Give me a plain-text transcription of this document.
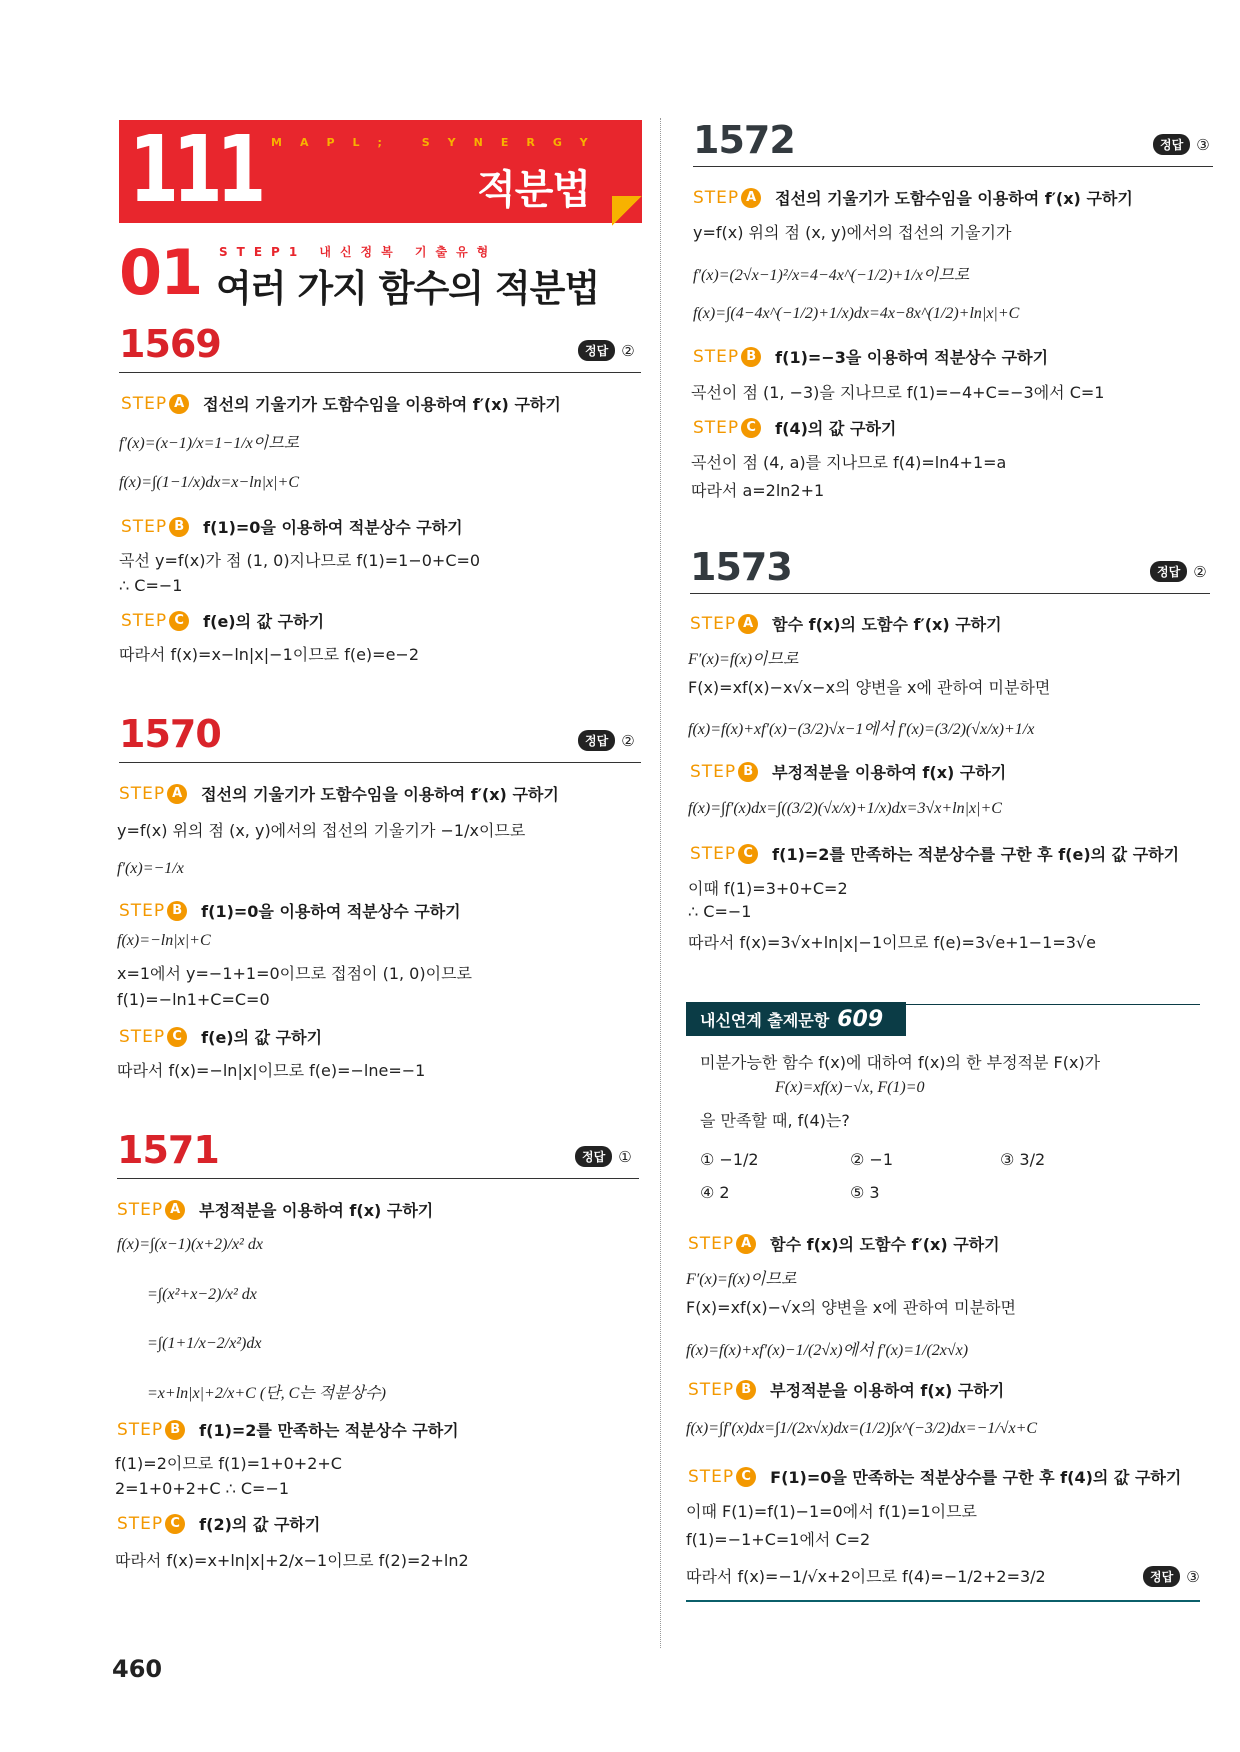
111 MAPL; SYNERGY
적분법
01 STEP1 내신정복 기출유형
여러 가지 함수의 적분법
1569	정답 ②
STEP A	접선의 기울기가 도함수임을 이용하여 f′(x) 구하기
f′(x)=(x−1)/x=1−1/x이므로
f(x)=∫(1−1/x)dx=x−ln|x|+C
STEP B	f(1)=0을 이용하여 적분상수 구하기
곡선 y=f(x)가 점 (1, 0)지나므로 f(1)=1−0+C=0
∴ C=−1
STEP C	f(e)의 값 구하기
따라서 f(x)=x−ln|x|−1이므로 f(e)=e−2
1570	정답 ②
STEP A	접선의 기울기가 도함수임을 이용하여 f′(x) 구하기
y=f(x) 위의 점 (x, y)에서의 접선의 기울기가 −1/x이므로
f′(x)=−1/x
STEP B	f(1)=0을 이용하여 적분상수 구하기
f(x)=−ln|x|+C
x=1에서 y=−1+1=0이므로 접점이 (1, 0)이므로
f(1)=−ln1+C=C=0
STEP C	f(e)의 값 구하기
따라서 f(x)=−ln|x|이므로 f(e)=−lne=−1
1571	정답 ①
STEP A	부정적분을 이용하여 f(x) 구하기
f(x)=∫(x−1)(x+2)/x² dx
=∫(x²+x−2)/x² dx
=∫(1+1/x−2/x²)dx
=x+ln|x|+2/x+C (단, C는 적분상수)
STEP B	f(1)=2를 만족하는 적분상수 구하기
f(1)=2이므로 f(1)=1+0+2+C
2=1+0+2+C ∴ C=−1
STEP C	f(2)의 값 구하기
따라서 f(x)=x+ln|x|+2/x−1이므로 f(2)=2+ln2
1572	정답 ③
STEP A	접선의 기울기가 도함수임을 이용하여 f′(x) 구하기
y=f(x) 위의 점 (x, y)에서의 접선의 기울기가
f′(x)=(2√x−1)²/x=4−4x^(−1/2)+1/x이므로
f(x)=∫(4−4x^(−1/2)+1/x)dx=4x−8x^(1/2)+ln|x|+C
STEP B	f(1)=−3을 이용하여 적분상수 구하기
곡선이 점 (1, −3)을 지나므로 f(1)=−4+C=−3에서 C=1
STEP C	f(4)의 값 구하기
곡선이 점 (4, a)를 지나므로 f(4)=ln4+1=a
따라서 a=2ln2+1
1573	정답 ②
STEP A	함수 f(x)의 도함수 f′(x) 구하기
F′(x)=f(x)이므로
F(x)=xf(x)−x√x−x의 양변을 x에 관하여 미분하면
f(x)=f(x)+xf′(x)−(3/2)√x−1에서 f′(x)=(3/2)(√x/x)+1/x
STEP B	부정적분을 이용하여 f(x) 구하기
f(x)=∫f′(x)dx=∫((3/2)(√x/x)+1/x)dx=3√x+ln|x|+C
STEP C	f(1)=2를 만족하는 적분상수를 구한 후 f(e)의 값 구하기
이때 f(1)=3+0+C=2
∴ C=−1
따라서 f(x)=3√x+ln|x|−1이므로 f(e)=3√e+1−1=3√e
내신연계 출제문항 609
미분가능한 함수 f(x)에 대하여 f(x)의 한 부정적분 F(x)가
F(x)=xf(x)−√x, F(1)=0
을 만족할 때, f(4)는?
① −1/2	② −1	③ 3/2
④ 2	⑤ 3
STEP A	함수 f(x)의 도함수 f′(x) 구하기
F′(x)=f(x)이므로
F(x)=xf(x)−√x의 양변을 x에 관하여 미분하면
f(x)=f(x)+xf′(x)−1/(2√x)에서 f′(x)=1/(2x√x)
STEP B	부정적분을 이용하여 f(x) 구하기
f(x)=∫f′(x)dx=∫1/(2x√x)dx=(1/2)∫x^(−3/2)dx=−1/√x+C
STEP C	F(1)=0을 만족하는 적분상수를 구한 후 f(4)의 값 구하기
이때 F(1)=f(1)−1=0에서 f(1)=1이므로
f(1)=−1+C=1에서 C=2
따라서 f(x)=−1/√x+2이므로 f(4)=−1/2+2=3/2	정답 ③
460
